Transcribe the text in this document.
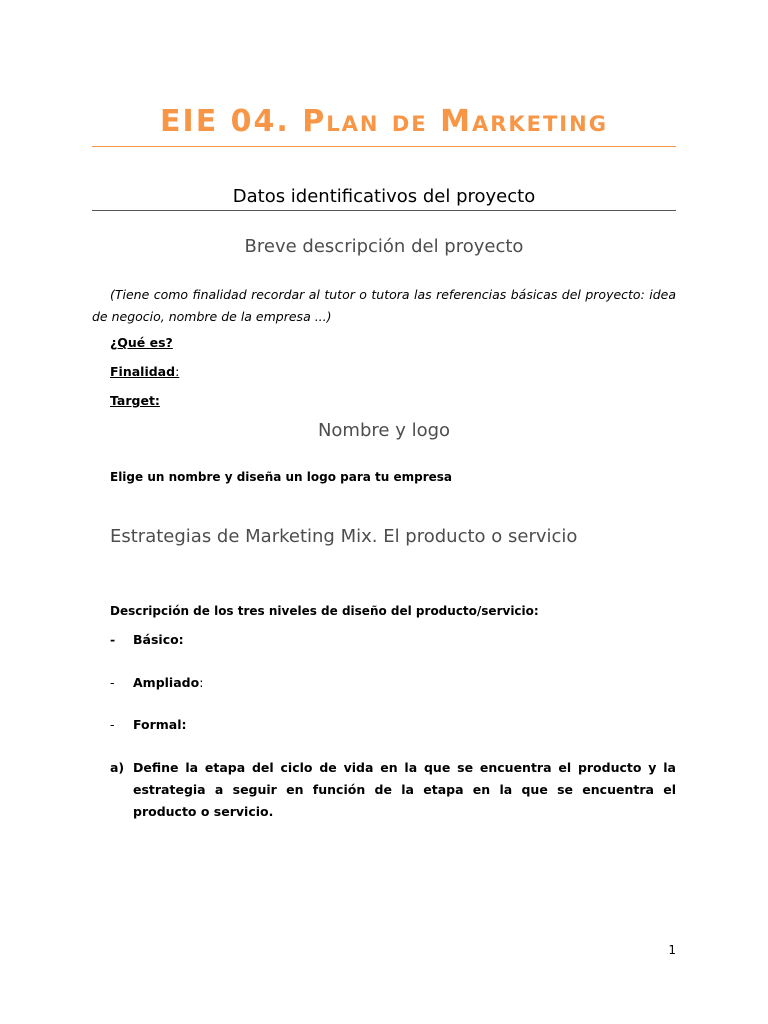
EIE 04. Plan de Marketing
Datos identificativos del proyecto
Breve descripción del proyecto
(Tiene como finalidad recordar al tutor o tutora las referencias básicas del proyecto: idea de negocio, nombre de la empresa ...)
¿Qué es?
Finalidad:
Target:
Nombre y logo
Elige un nombre y diseña un logo para tu empresa
Estrategias de Marketing Mix. El producto o servicio
Descripción de los tres niveles de diseño del producto/servicio:
- Básico:
- Ampliado:
- Formal:
a) Define la etapa del ciclo de vida en la que se encuentra el producto y la estrategia a seguir en función de la etapa en la que se encuentra el producto o servicio.
1
